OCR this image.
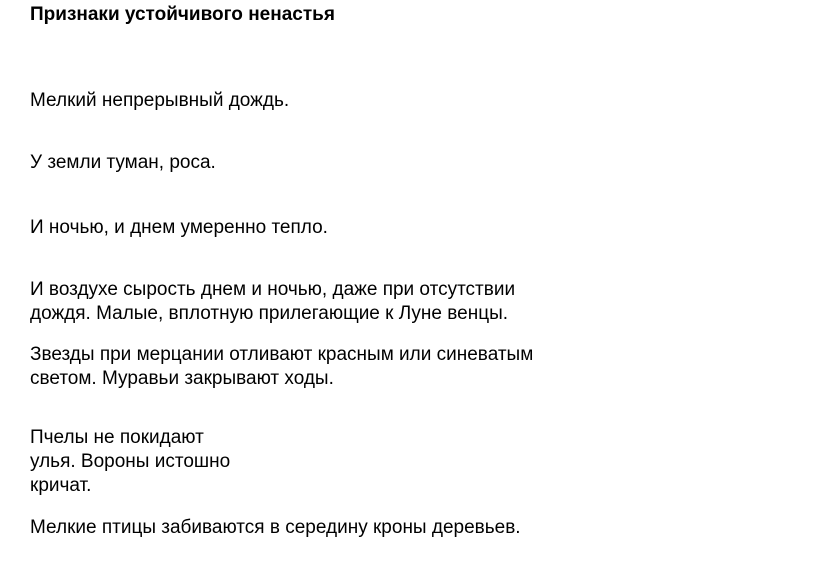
Признаки устойчивого ненастья
Мелкий непрерывный дождь.
У земли туман, роса.
И ночью, и днем умеренно тепло.
И воздухе сырость днем и ночью, даже при отсутствии
дождя. Малые, вплотную прилегающие к Луне венцы.
Звезды при мерцании отливают красным или синеватым
светом. Муравьи закрывают ходы.
Пчелы не покидают
улья. Вороны истошно
кричат.
Мелкие птицы забиваются в середину кроны деревьев.
